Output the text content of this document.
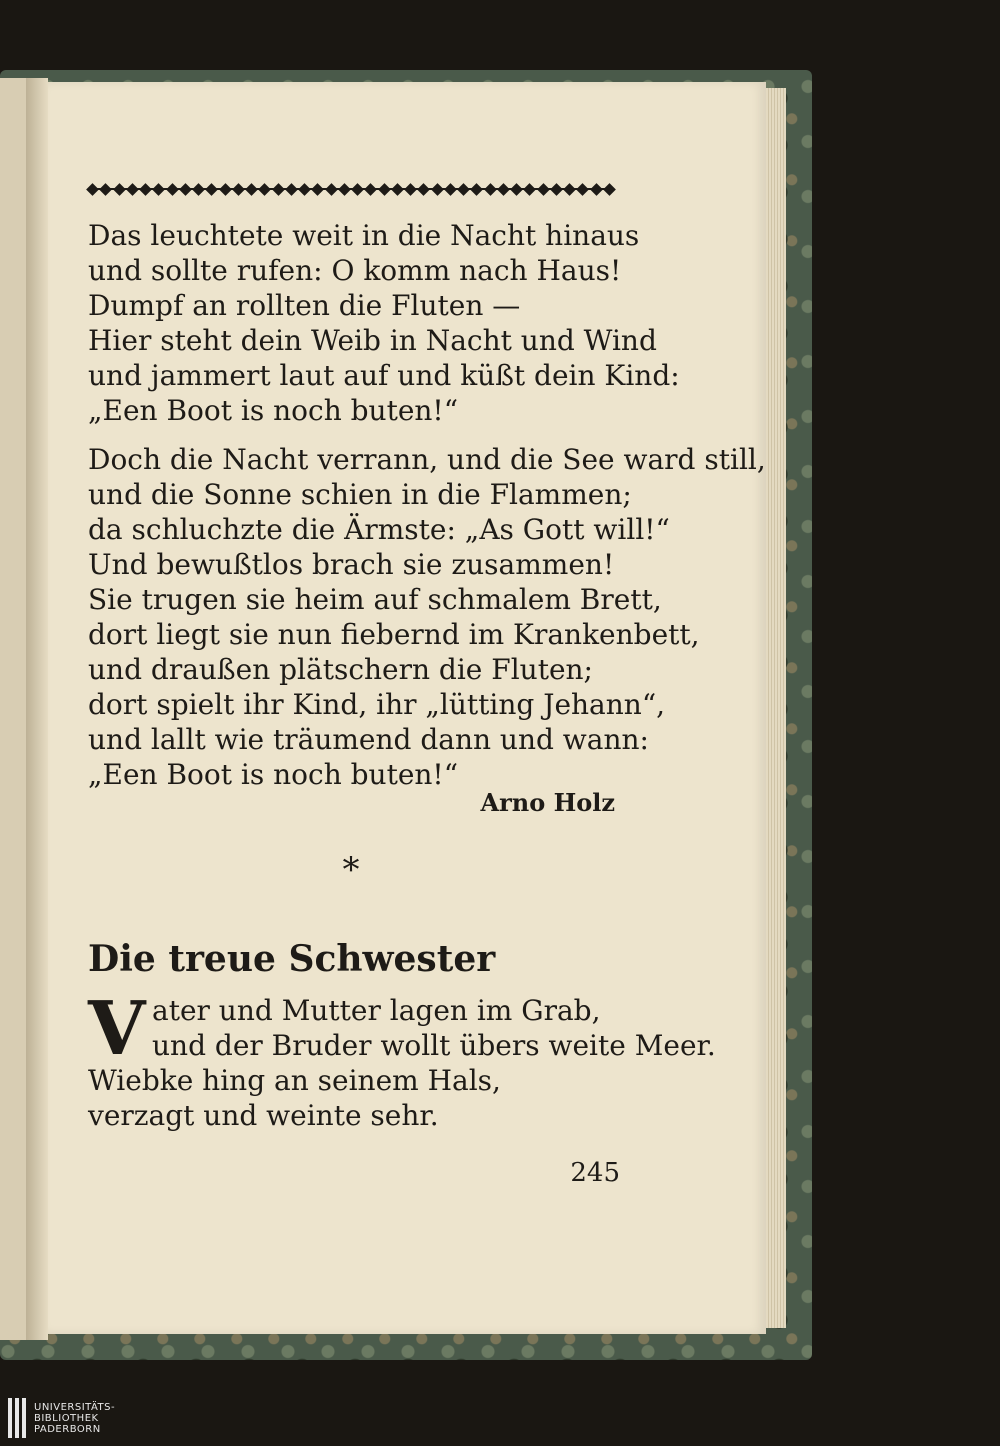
Das leuchtete weit in die Nacht hinaus
und sollte rufen: O komm nach Haus!
Dumpf an rollten die Fluten —
Hier steht dein Weib in Nacht und Wind
und jammert laut auf und küßt dein Kind:
„Een Boot is noch buten!“
Doch die Nacht verrann, und die See ward still,
und die Sonne schien in die Flammen;
da schluchzte die Ärmste: „As Gott will!“
Und bewußtlos brach sie zusammen!
Sie trugen sie heim auf schmalem Brett,
dort liegt sie nun fiebernd im Krankenbett,
und draußen plätschern die Fluten;
dort spielt ihr Kind, ihr „lütting Jehann“,
und lallt wie träumend dann und wann:
„Een Boot is noch buten!“
Arno Holz
*
Die treue Schwester
V ater und Mutter lagen im Grab,
und der Bruder wollt übers weite Meer.
Wiebke hing an seinem Hals,
verzagt und weinte sehr.
245
UNIVERSITÄTS-
BIBLIOTHEK
PADERBORN
